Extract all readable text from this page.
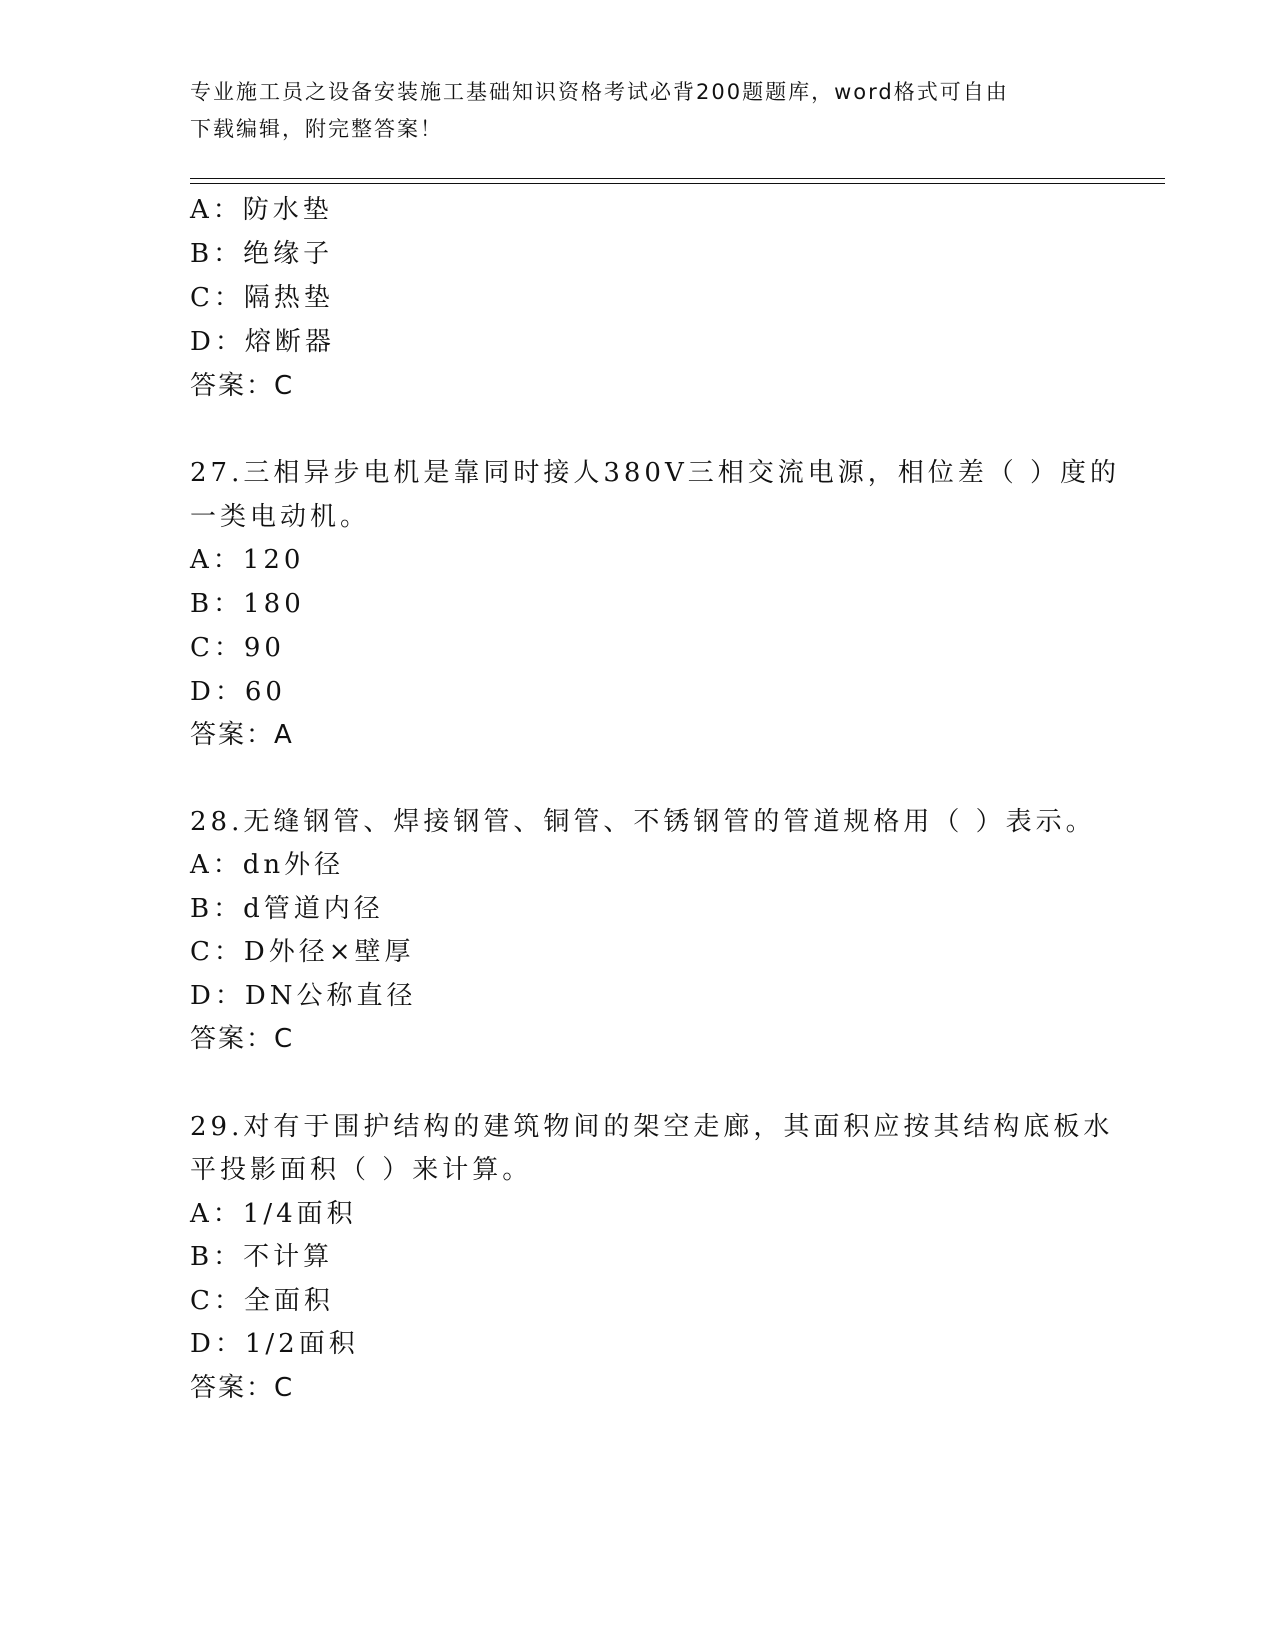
专业施工员之设备安装施工基础知识资格考试必背200题题库，word格式可自由
下载编辑，附完整答案！
A：防水垫
B：绝缘子
C：隔热垫
D：熔断器
答案：C
27.三相异步电机是靠同时接人380V三相交流电源，相位差（ ）度的
一类电动机。
A：120
B：180
C：90
D：60
答案：A
28.无缝钢管、焊接钢管、铜管、不锈钢管的管道规格用（ ）表示。
A：dn外径
B：d管道内径
C：D外径×壁厚
D：DN公称直径
答案：C
29.对有于围护结构的建筑物间的架空走廊，其面积应按其结构底板水
平投影面积（ ）来计算。
A：1/4面积
B：不计算
C：全面积
D：1/2面积
答案：C
